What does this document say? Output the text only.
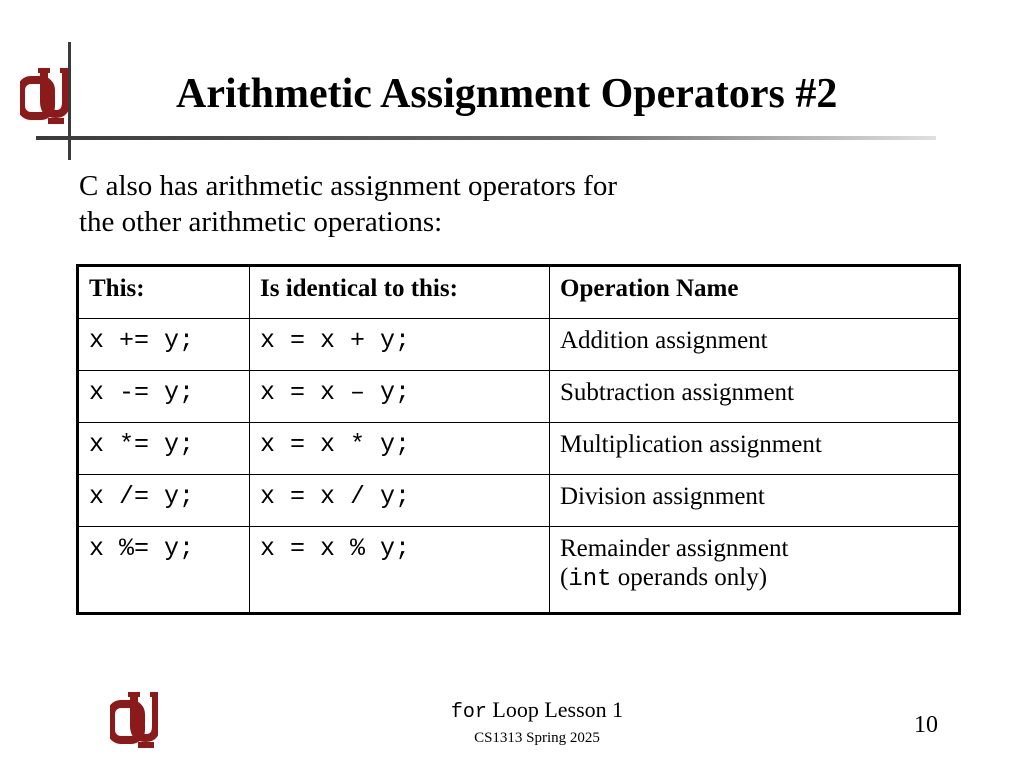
Arithmetic Assignment Operators #2
C also has arithmetic assignment operators for
the other arithmetic operations:
This:	Is identical to this:	Operation Name
x += y;	x = x + y;	Addition assignment
x -= y;	x = x – y;	Subtraction assignment
x *= y;	x = x * y;	Multiplication assignment
x /= y;	x = x / y;	Division assignment
x %= y;	x = x % y;	Remainder assignment
(int operands only)
for Loop Lesson 1
CS1313 Spring 2025	10
